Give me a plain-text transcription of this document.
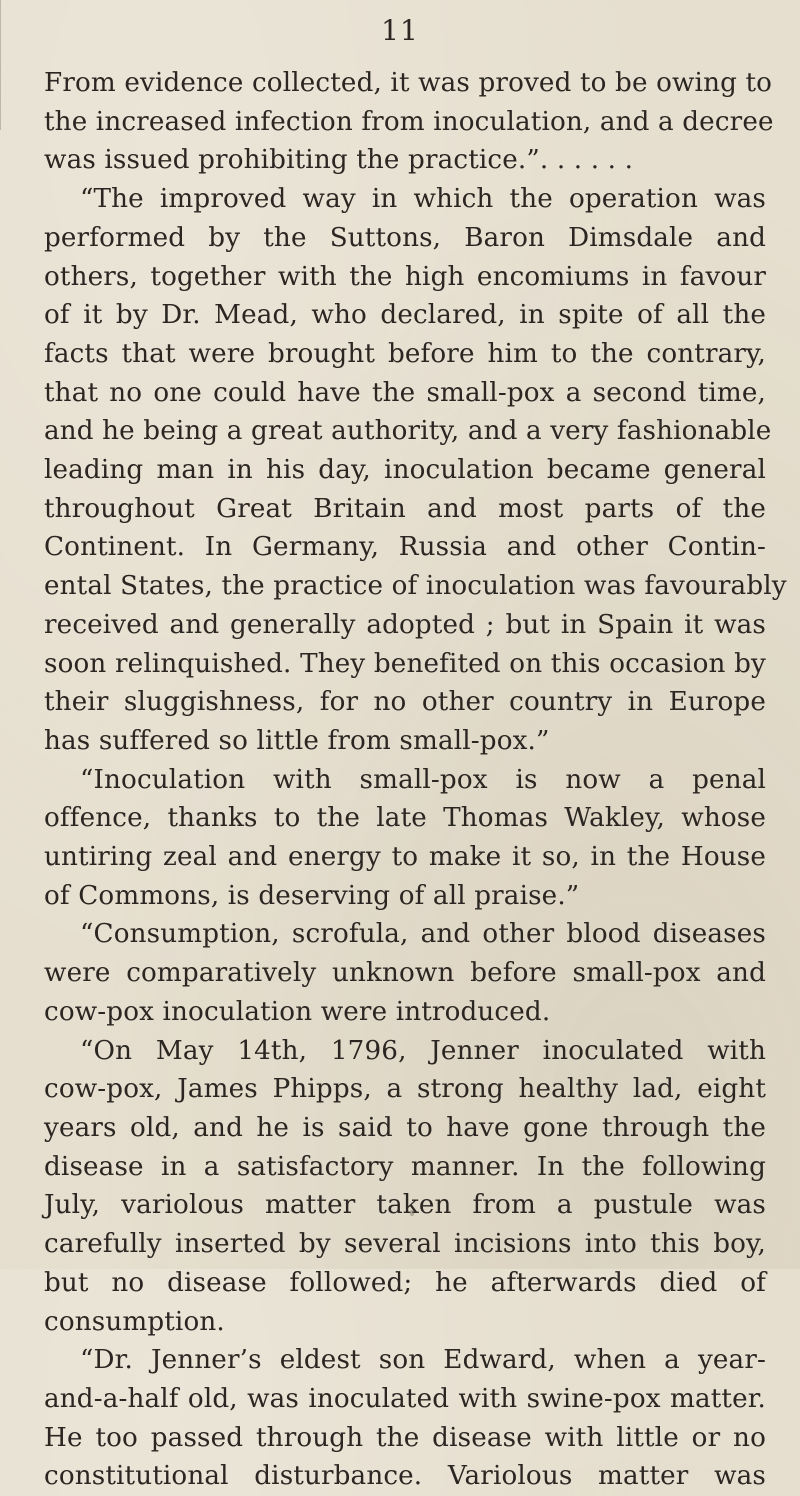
11
From evidence collected, it was proved to be owing to
the increased infection from inoculation, and a decree
was issued prohibiting the practice.”. . . . . .
“The improved way in which the operation was
performed by the Suttons, Baron Dimsdale and
others, together with the high encomiums in favour
of it by Dr. Mead, who declared, in spite of all the
facts that were brought before him to the contrary,
that no one could have the small-pox a second time,
and he being a great authority, and a very fashionable
leading man in his day, inoculation became general
throughout Great Britain and most parts of the
Continent. In Germany, Russia and other Contin-
ental States, the practice of inoculation was favourably
received and generally adopted ; but in Spain it was
soon relinquished. They benefited on this occasion by
their sluggishness, for no other country in Europe
has suffered so little from small-pox.”
“Inoculation with small-pox is now a penal
offence, thanks to the late Thomas Wakley, whose
untiring zeal and energy to make it so, in the House
of Commons, is deserving of all praise.”
“Consumption, scrofula, and other blood diseases
were comparatively unknown before small-pox and
cow-pox inoculation were introduced.
“On May 14th, 1796, Jenner inoculated with
cow-pox, James Phipps, a strong healthy lad, eight
years old, and he is said to have gone through the
disease in a satisfactory manner. In the following
July, variolous matter taken from a pustule was
carefully inserted by several incisions into this boy,
but no disease followed; he afterwards died of
consumption.
“Dr. Jenner’s eldest son Edward, when a year-
and-a-half old, was inoculated with swine-pox matter.
He too passed through the disease with little or no
constitutional disturbance. Variolous matter was
